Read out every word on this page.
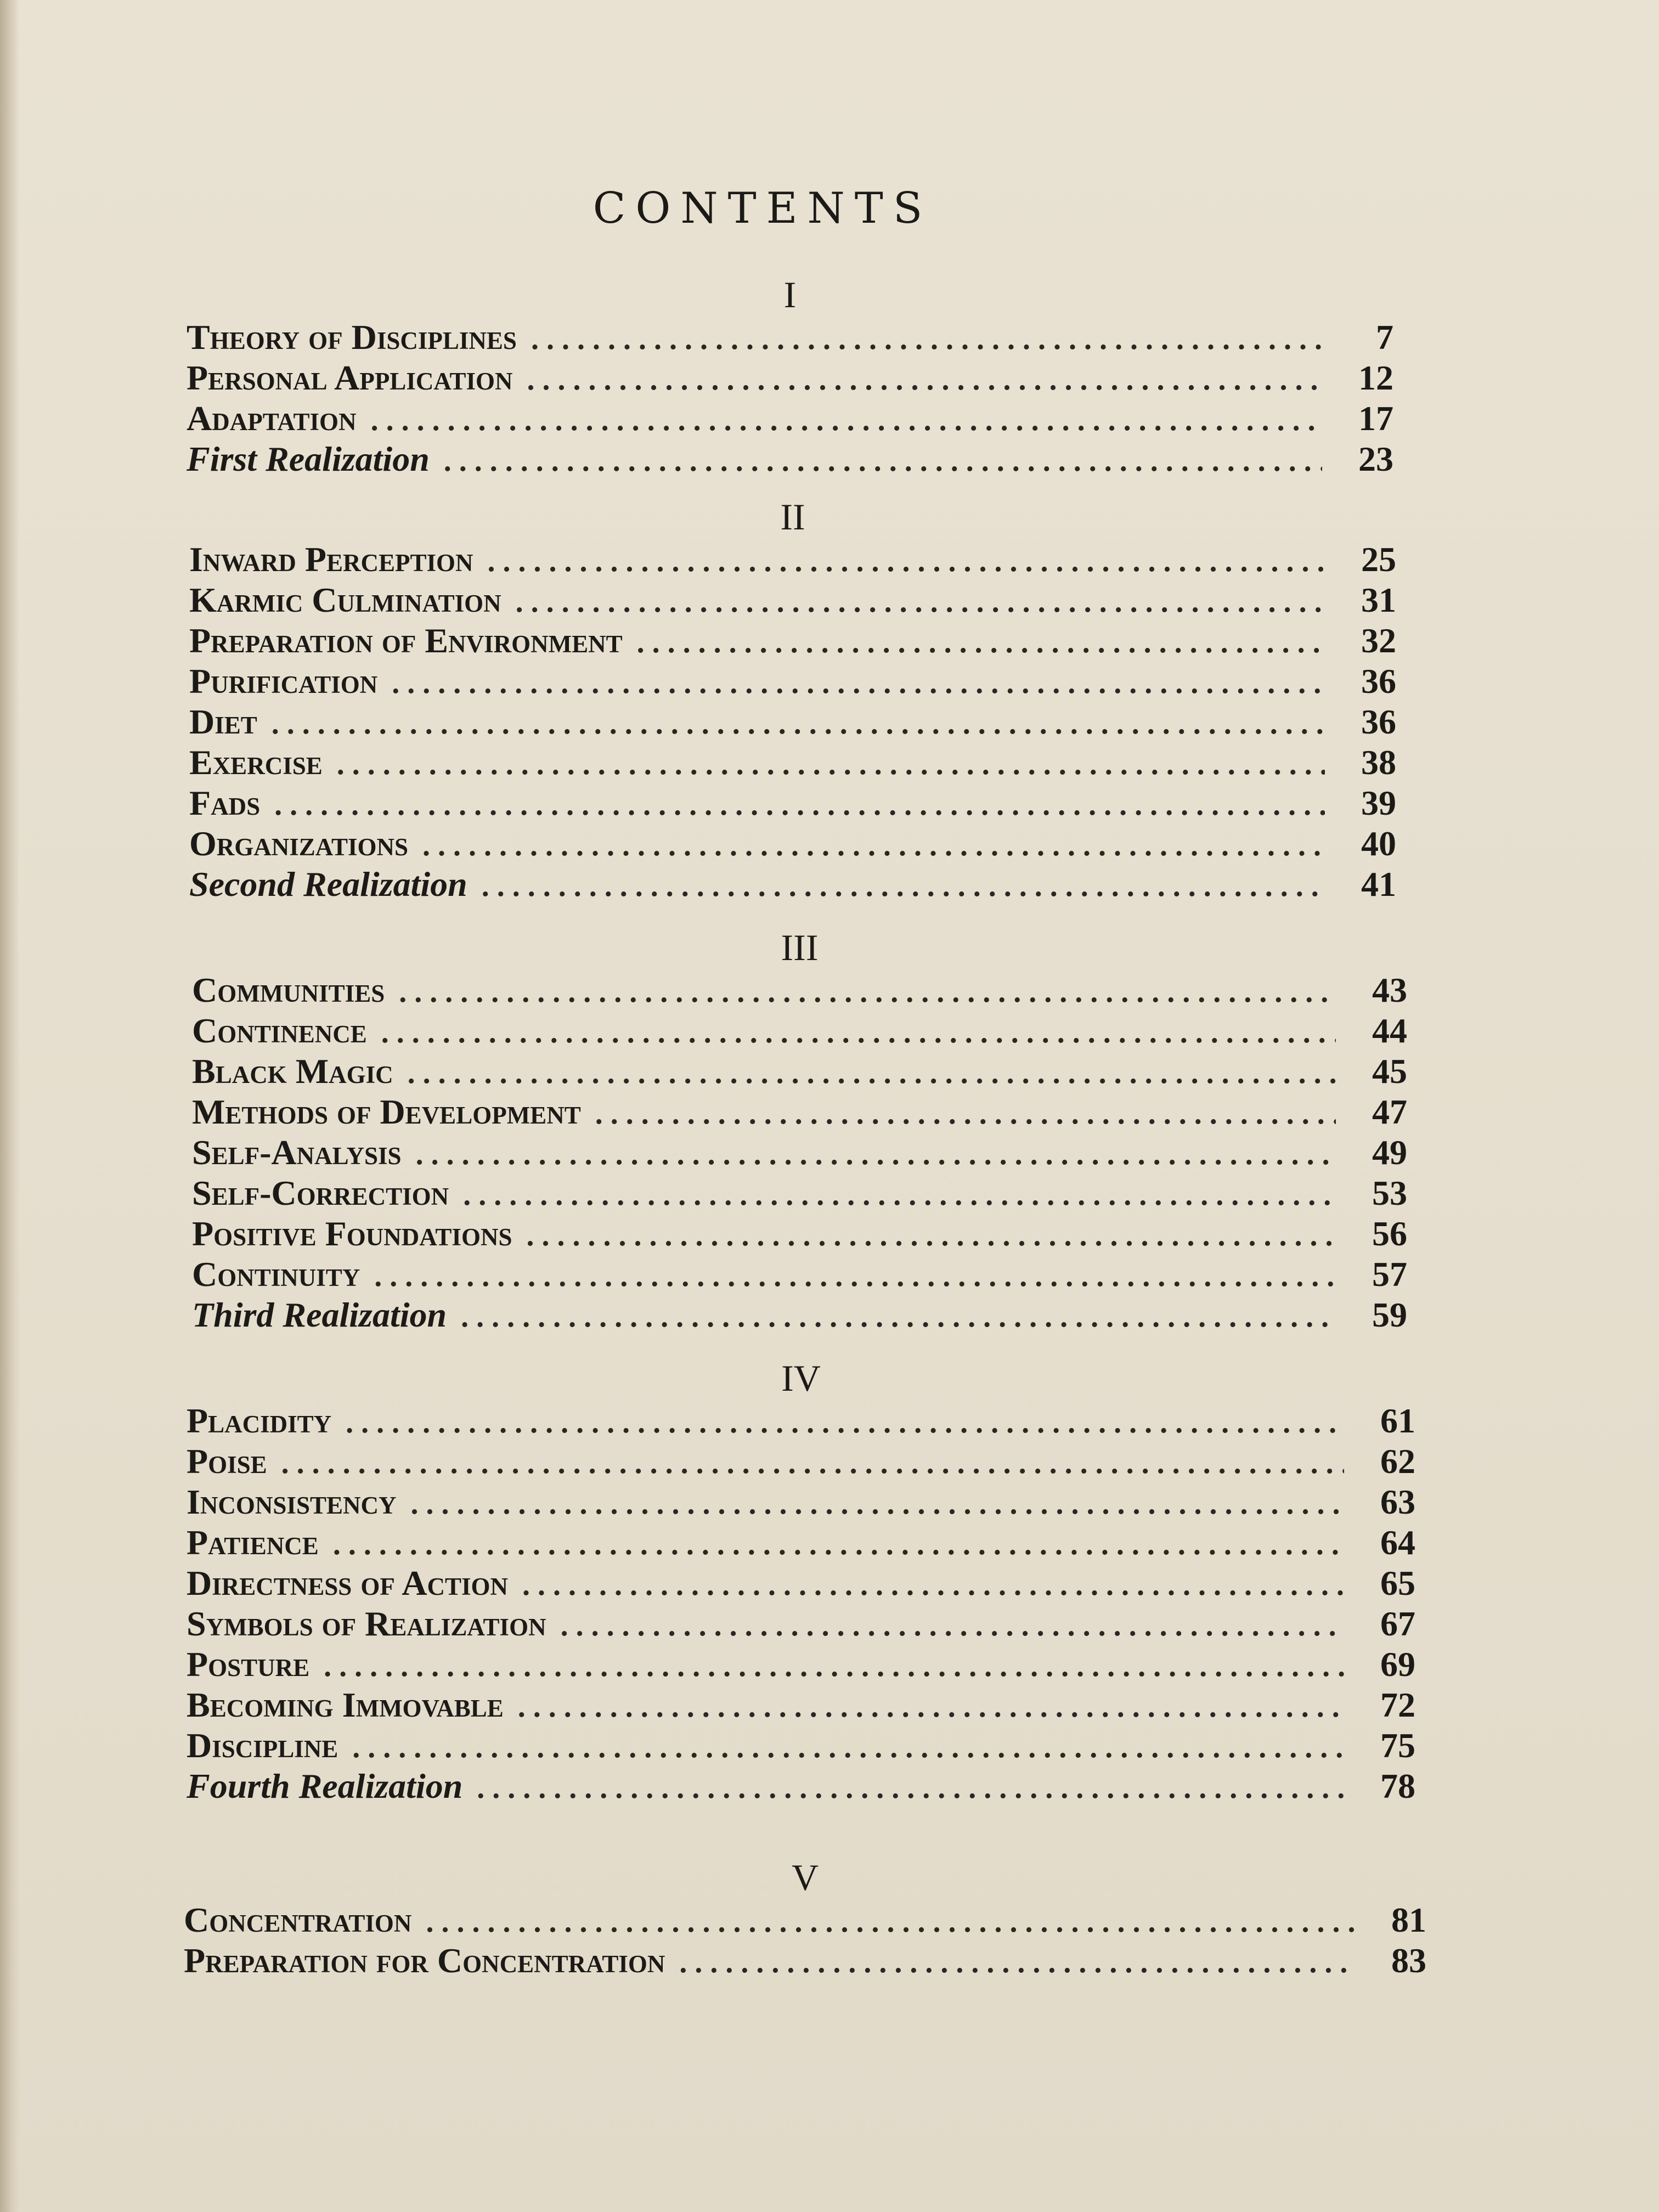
CONTENTS
I
Theory of Disciplines . . .	7
Personal Application . . .	12
Adaptation . . .	17
First Realization . . .	23
II
Inward Perception . . .	25
Karmic Culmination . . .	31
Preparation of Environment . . .	32
Purification . . .	36
Diet . . .	36
Exercise . . .	38
Fads . . .	39
Organizations . . .	40
Second Realization . . .	41
III
Communities . . .	43
Continence . . .	44
Black Magic . . .	45
Methods of Development . . .	47
Self-Analysis . . .	49
Self-Correction . . .	53
Positive Foundations . . .	56
Continuity . . .	57
Third Realization . . .	59
IV
Placidity . . .	61
Poise . . .	62
Inconsistency . . .	63
Patience . . .	64
Directness of Action . . .	65
Symbols of Realization . . .	67
Posture . . .	69
Becoming Immovable . . .	72
Discipline . . .	75
Fourth Realization . . .	78
V
Concentration . . .	81
Preparation for Concentration . . .	83
